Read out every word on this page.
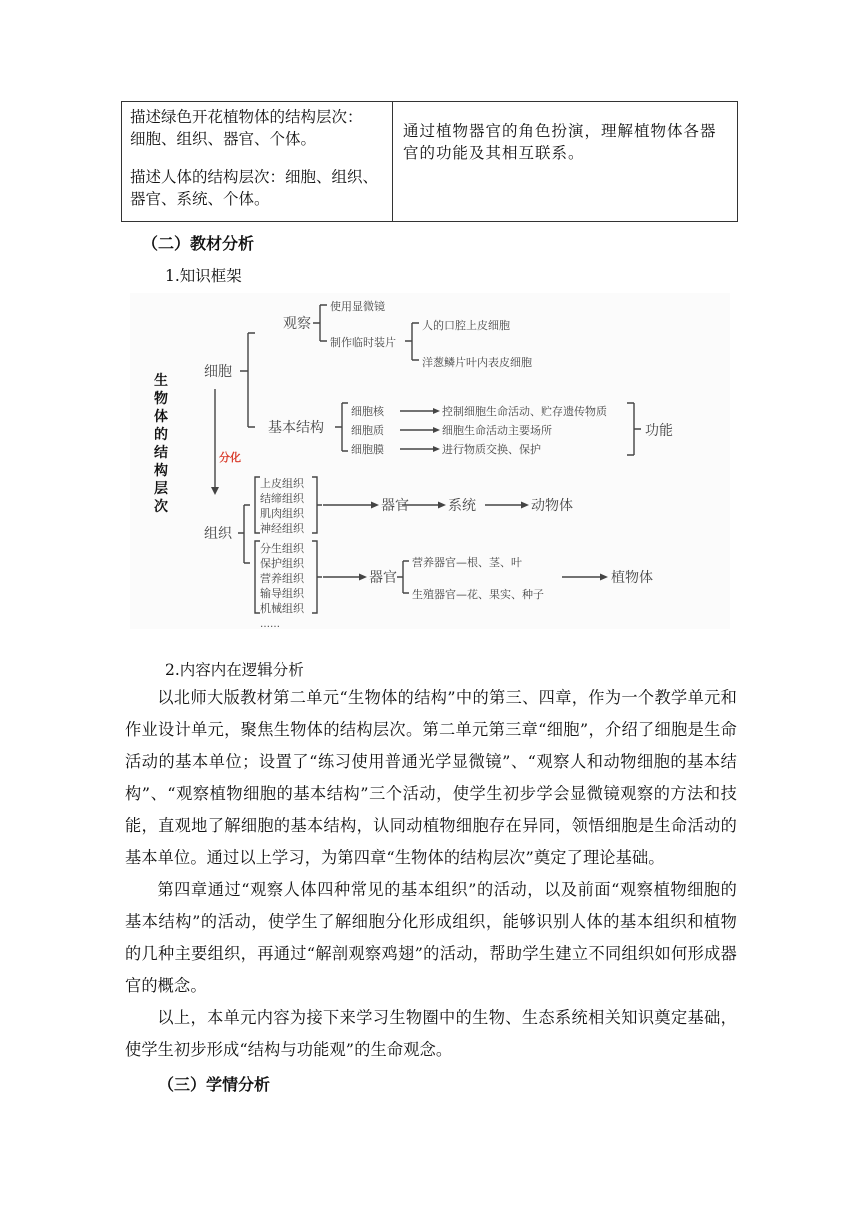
描述绿色开花植物体的结构层次：

细胞、组织、器官、个体。

描述人体的结构层次：细胞、组织、

器官、系统、个体。

	通过植物器官的角色扮演，理解植物体各器官的功能及其相互联系。
（二）教材分析
1.知识框架
生
物
体
的
结
构
层
次
细胞
观察
使用显微镜
制作临时装片
人的口腔上皮细胞
洋葱鳞片叶内表皮细胞
基本结构
细胞核
细胞质
细胞膜
控制细胞生命活动、贮存遗传物质
细胞生命活动主要场所
进行物质交换、保护
功能
分化
组织
上皮组织
结缔组织
肌肉组织
神经组织
分生组织
保护组织
营养组织
输导组织
机械组织
……
器官	系统	动物体
器官
营养器官—根、茎、叶
生殖器官—花、果实、种子
植物体
2.内容内在逻辑分析

以北师大版教材第二单元“生物体的结构”中的第三、四章，作为一个教学单元和作业设计单元，聚焦生物体的结构层次。第二单元第三章“细胞”，介绍了细胞是生命活动的基本单位；设置了“练习使用普通光学显微镜”、“观察人和动物细胞的基本结构”、“观察植物细胞的基本结构”三个活动，使学生初步学会显微镜观察的方法和技能，直观地了解细胞的基本结构，认同动植物细胞存在异同，领悟细胞是生命活动的基本单位。通过以上学习，为第四章“生物体的结构层次”奠定了理论基础。

第四章通过“观察人体四种常见的基本组织”的活动，以及前面“观察植物细胞的基本结构”的活动，使学生了解细胞分化形成组织，能够识别人体的基本组织和植物的几种主要组织，再通过“解剖观察鸡翅”的活动，帮助学生建立不同组织如何形成器官的概念。

以上，本单元内容为接下来学习生物圈中的生物、生态系统相关知识奠定基础，使学生初步形成“结构与功能观”的生命观念。

（三）学情分析
